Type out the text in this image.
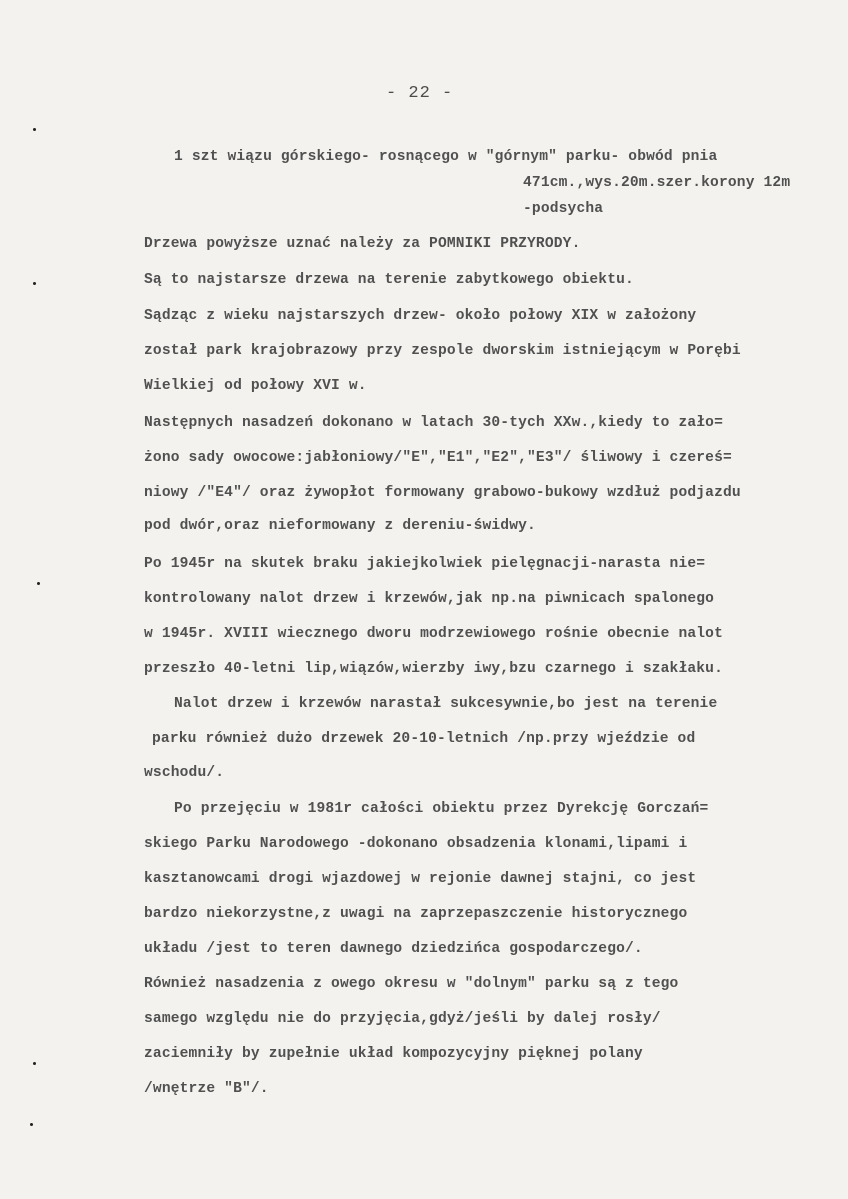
- 22 -
1 szt wiązu górskiego- rosnącego w "górnym" parku- obwód pnia
471cm.,wys.20m.szer.korony 12m
-podsycha
Drzewa powyższe uznać należy za POMNIKI PRZYRODY.
Są to najstarsze drzewa na terenie zabytkowego obiektu.
Sądząc z wieku najstarszych drzew- około połowy XIX w założony
został park krajobrazowy przy zespole dworskim istniejącym w Porębi
Wielkiej od połowy XVI w.
Następnych nasadzeń dokonano w latach 30-tych XXw.,kiedy to zało=
żono sady owocowe:jabłoniowy/"E","E1","E2","E3"/ śliwowy i czereś=
niowy /"E4"/ oraz żywopłot formowany grabowo-bukowy wzdłuż podjazdu
pod dwór,oraz nieformowany z dereniu-świdwy.
Po 1945r na skutek braku jakiejkolwiek pielęgnacji-narasta nie=
kontrolowany nalot drzew i krzewów,jak np.na piwnicach spalonego
w 1945r. XVIII wiecznego dworu modrzewiowego rośnie obecnie nalot
przeszło 40-letni lip,wiązów,wierzby iwy,bzu czarnego i szakłaku.
Nalot drzew i krzewów narastał sukcesywnie,bo jest na terenie
parku również dużo drzewek 20-10-letnich /np.przy wjeździe od
wschodu/.
Po przejęciu w 1981r całości obiektu przez Dyrekcję Gorczań=
skiego Parku Narodowego -dokonano obsadzenia klonami,lipami i
kasztanowcami drogi wjazdowej w rejonie dawnej stajni, co jest
bardzo niekorzystne,z uwagi na zaprzepaszczenie historycznego
układu /jest to teren dawnego dziedzińca gospodarczego/.
Również nasadzenia z owego okresu w "dolnym" parku są z tego
samego względu nie do przyjęcia,gdyż/jeśli by dalej rosły/
zaciemniły by zupełnie układ kompozycyjny pięknej polany
/wnętrze "B"/.
